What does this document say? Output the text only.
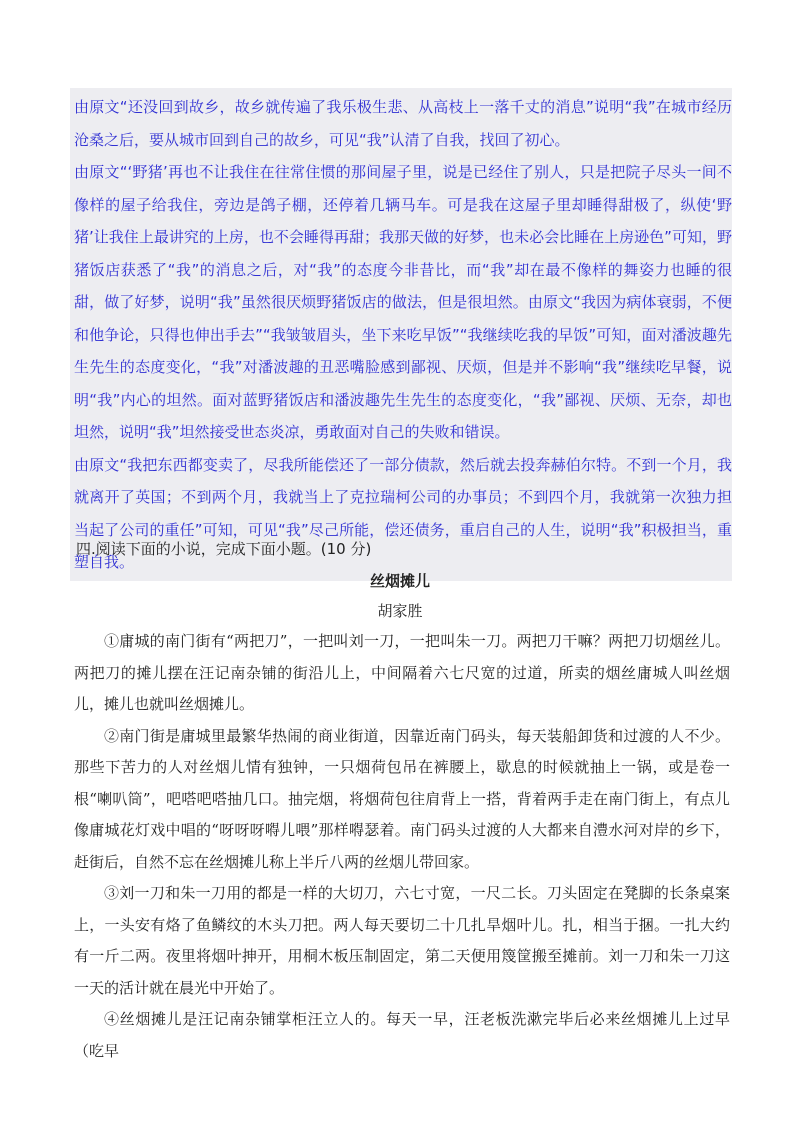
由原文“还没回到故乡，故乡就传遍了我乐极生悲、从高枝上一落千丈的消息”说明“我”在城市经历沧桑之后，要从城市回到自己的故乡，可见“我”认清了自我，找回了初心。

由原文“‘野猪’再也不让我住在往常住惯的那间屋子里，说是已经住了别人，只是把院子尽头一间不像样的屋子给我住，旁边是鸽子棚，还停着几辆马车。可是我在这屋子里却睡得甜极了，纵使‘野猪’让我住上最讲究的上房，也不会睡得再甜；我那天做的好梦，也未必会比睡在上房逊色”可知，野猪饭店获悉了“我”的消息之后，对“我”的态度今非昔比，而“我”却在最不像样的舞姿力也睡的很甜，做了好梦，说明“我”虽然很厌烦野猪饭店的做法，但是很坦然。由原文“我因为病体衰弱，不便和他争论，只得也伸出手去”“我皱皱眉头，坐下来吃早饭”“我继续吃我的早饭”可知，面对潘波趣先生先生的态度变化，“我”对潘波趣的丑恶嘴脸感到鄙视、厌烦，但是并不影响“我”继续吃早餐，说明“我”内心的坦然。面对蓝野猪饭店和潘波趣先生先生的态度变化，“我”鄙视、厌烦、无奈，却也坦然，说明“我”坦然接受世态炎凉，勇敢面对自己的失败和错误。

由原文“我把东西都变卖了，尽我所能偿还了一部分债款，然后就去投奔赫伯尔特。不到一个月，我就离开了英国；不到两个月，我就当上了克拉瑞柯公司的办事员；不到四个月，我就第一次独力担当起了公司的重任”可知，可见“我”尽己所能，偿还债务，重启自己的人生，说明“我”积极担当，重塑自我。

四.阅读下面的小说，完成下面小题。(10 分)
丝烟摊儿
胡家胜

①庸城的南门街有“两把刀”，一把叫刘一刀，一把叫朱一刀。两把刀干嘛？两把刀切烟丝儿。两把刀的摊儿摆在汪记南杂铺的街沿儿上，中间隔着六七尺宽的过道，所卖的烟丝庸城人叫丝烟儿，摊儿也就叫丝烟摊儿。

②南门街是庸城里最繁华热闹的商业街道，因靠近南门码头，每天装船卸货和过渡的人不少。那些下苦力的人对丝烟儿情有独钟，一只烟荷包吊在裤腰上，歇息的时候就抽上一锅，或是卷一根“喇叭筒”，吧嗒吧嗒抽几口。抽完烟，将烟荷包往肩背上一搭，背着两手走在南门街上，有点儿像庸城花灯戏中唱的“呀呀呀嘚儿喂”那样嘚瑟着。南门码头过渡的人大都来自澧水河对岸的乡下，赶街后，自然不忘在丝烟摊儿称上半斤八两的丝烟儿带回家。

③刘一刀和朱一刀用的都是一样的大切刀，六七寸宽，一尺二长。刀头固定在凳脚的长条桌案上，一头安有烙了鱼鳞纹的木头刀把。两人每天要切二十几扎旱烟叶儿。扎，相当于捆。一扎大约有一斤二两。夜里将烟叶抻开，用桐木板压制固定，第二天便用篾筐搬至摊前。刘一刀和朱一刀这一天的活计就在晨光中开始了。

④丝烟摊儿是汪记南杂铺掌柜汪立人的。每天一早，汪老板洗漱完毕后必来丝烟摊儿上过早（吃早
